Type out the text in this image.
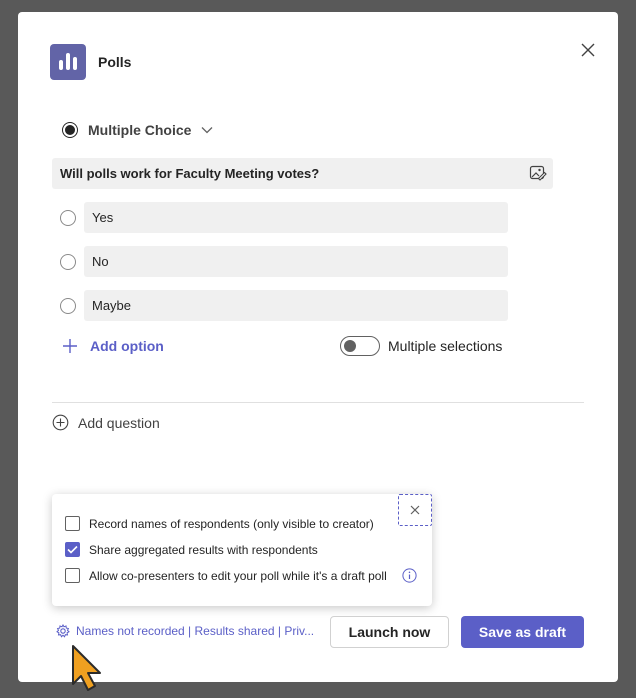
Polls
Multiple Choice
Will polls work for Faculty Meeting votes?
Yes
No
Maybe
Add option	Multiple selections
Add question
Record names of respondents (only visible to creator)
Share aggregated results with respondents
Allow co-presenters to edit your poll while it's a draft poll
Names not recorded | Results shared | Priv...	Launch now	Save as draft
